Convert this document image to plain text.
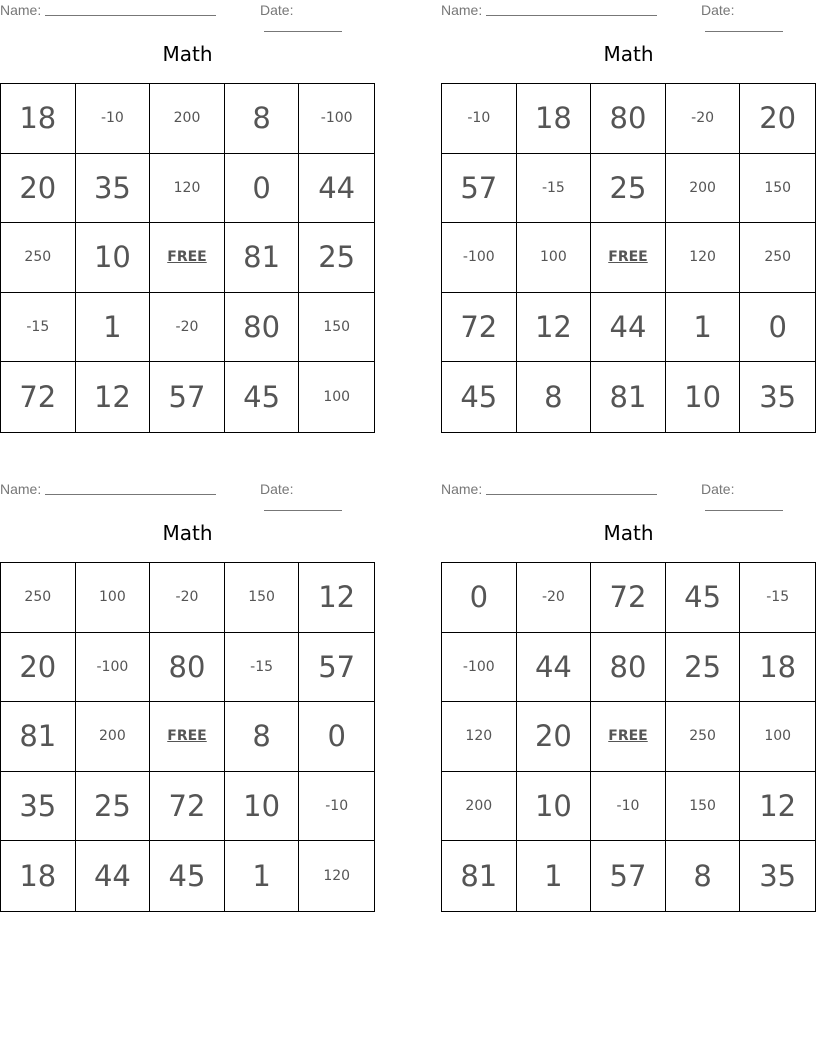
Name:	Date:
Math
18	-10	200	8	-100
20	35	120	0	44
250	10	FREE	81	25
-15	1	-20	80	150
72	12	57	45	100
Name:	Date:
Math
-10	18	80	-20	20
57	-15	25	200	150
-100	100	FREE	120	250
72	12	44	1	0
45	8	81	10	35
Name:	Date:
Math
250	100	-20	150	12
20	-100	80	-15	57
81	200	FREE	8	0
35	25	72	10	-10
18	44	45	1	120
Name:	Date:
Math
0	-20	72	45	-15
-100	44	80	25	18
120	20	FREE	250	100
200	10	-10	150	12
81	1	57	8	35
